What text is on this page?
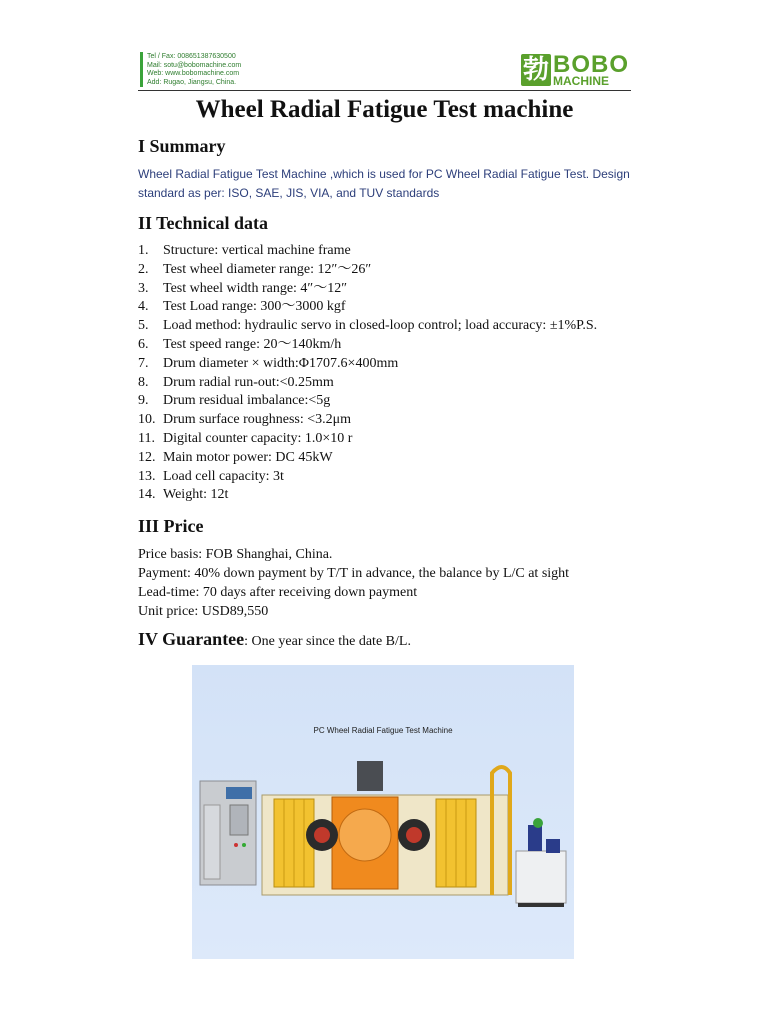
Tel / Fax: 008651387630500
Mail: sotu@bobomachine.com
Web: www.bobomachine.com
Add: Rugao, Jiangsu, China.	勃 BOBO
MACHINE
Wheel Radial Fatigue Test machine
I Summary
Wheel Radial Fatigue Test Machine ,which is used for PC Wheel Radial Fatigue Test. Design standard as per: ISO, SAE, JIS, VIA, and TUV standards
II Technical data
1. Structure: vertical machine frame
2. Test wheel diameter range: 12″～26″
3. Test wheel width range: 4″～12″
4. Test Load range: 300～3000 kgf
5. Load method: hydraulic servo in closed-loop control; load accuracy: ±1%P.S.
6. Test speed range: 20～140km/h
7. Drum diameter × width:Φ1707.6×400mm
8. Drum radial run-out:<0.25mm
9. Drum residual imbalance:<5g
10. Drum surface roughness: <3.2μm
11. Digital counter capacity: 1.0×10 r
12. Main motor power: DC 45kW
13. Load cell capacity: 3t
14. Weight: 12t
III Price
Price basis: FOB Shanghai, China.
Payment: 40% down payment by T/T in advance, the balance by L/C at sight
Lead-time: 70 days after receiving down payment
Unit price: USD89,550
IV Guarantee: One year since the date B/L.
PC Wheel Radial Fatigue Test Machine
